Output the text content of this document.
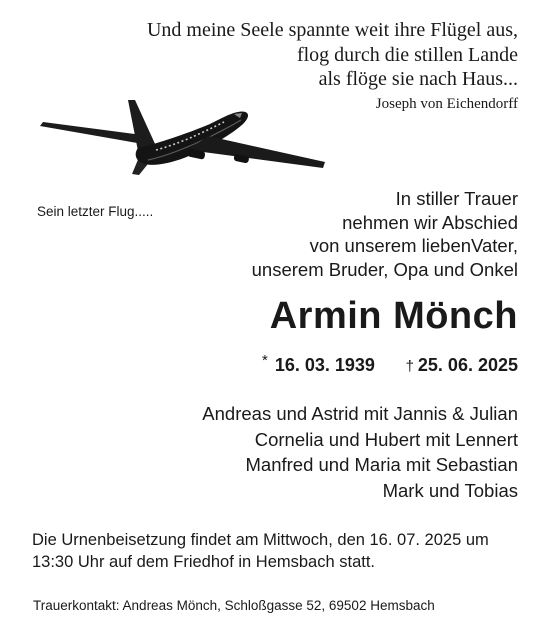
Und meine Seele spannte weit ihre Flügel aus,
flog durch die stillen Lande
als flöge sie nach Haus...
Joseph von Eichendorff
Sein letzter Flug.....
In stiller Trauer
nehmen wir Abschied
von unserem liebenVater,
unserem Bruder, Opa und Onkel
Armin Mönch
* 16. 03. 1939 † 25. 06. 2025
Andreas und Astrid mit Jannis & Julian
Cornelia und Hubert mit Lennert
Manfred und Maria mit Sebastian
Mark und Tobias
Die Urnenbeisetzung findet am Mittwoch, den 16. 07. 2025 um
13:30 Uhr auf dem Friedhof in Hemsbach statt.
Trauerkontakt: Andreas Mönch, Schloßgasse 52, 69502 Hemsbach
